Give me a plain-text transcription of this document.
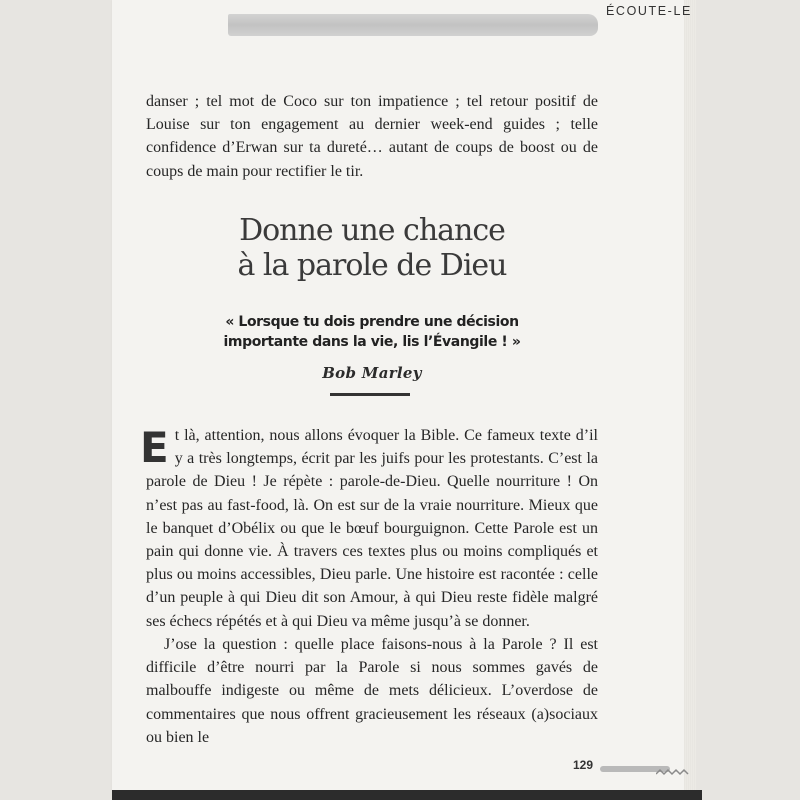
ÉCOUTE-LE

danser ; tel mot de Coco sur ton impatience ; tel retour positif de Louise sur ton engagement au dernier week-end guides ; telle confidence d’Erwan sur ta dureté… autant de coups de boost ou de coups de main pour rectifier le tir.

Donne une chance
à la parole de Dieu

« Lorsque tu dois prendre une décision
importante dans la vie, lis l’Évangile ! »

Bob Marley

Et là, attention, nous allons évoquer la Bible. Ce fameux texte d’il y a très longtemps, écrit par les juifs pour les protestants. C’est la parole de Dieu ! Je répète : parole-de-Dieu. Quelle nourriture ! On n’est pas au fast-food, là. On est sur de la vraie nourriture. Mieux que le banquet d’Obélix ou que le bœuf bourguignon. Cette Parole est un pain qui donne vie. À travers ces textes plus ou moins compliqués et plus ou moins accessibles, Dieu parle. Une histoire est racontée : celle d’un peuple à qui Dieu dit son Amour, à qui Dieu reste fidèle malgré ses échecs répétés et à qui Dieu va même jusqu’à se donner.

J’ose la question : quelle place faisons-nous à la Parole ? Il est difficile d’être nourri par la Parole si nous sommes gavés de malbouffe indigeste ou même de mets délicieux. L’overdose de commentaires que nous offrent gracieusement les réseaux (a)sociaux ou bien le

129
